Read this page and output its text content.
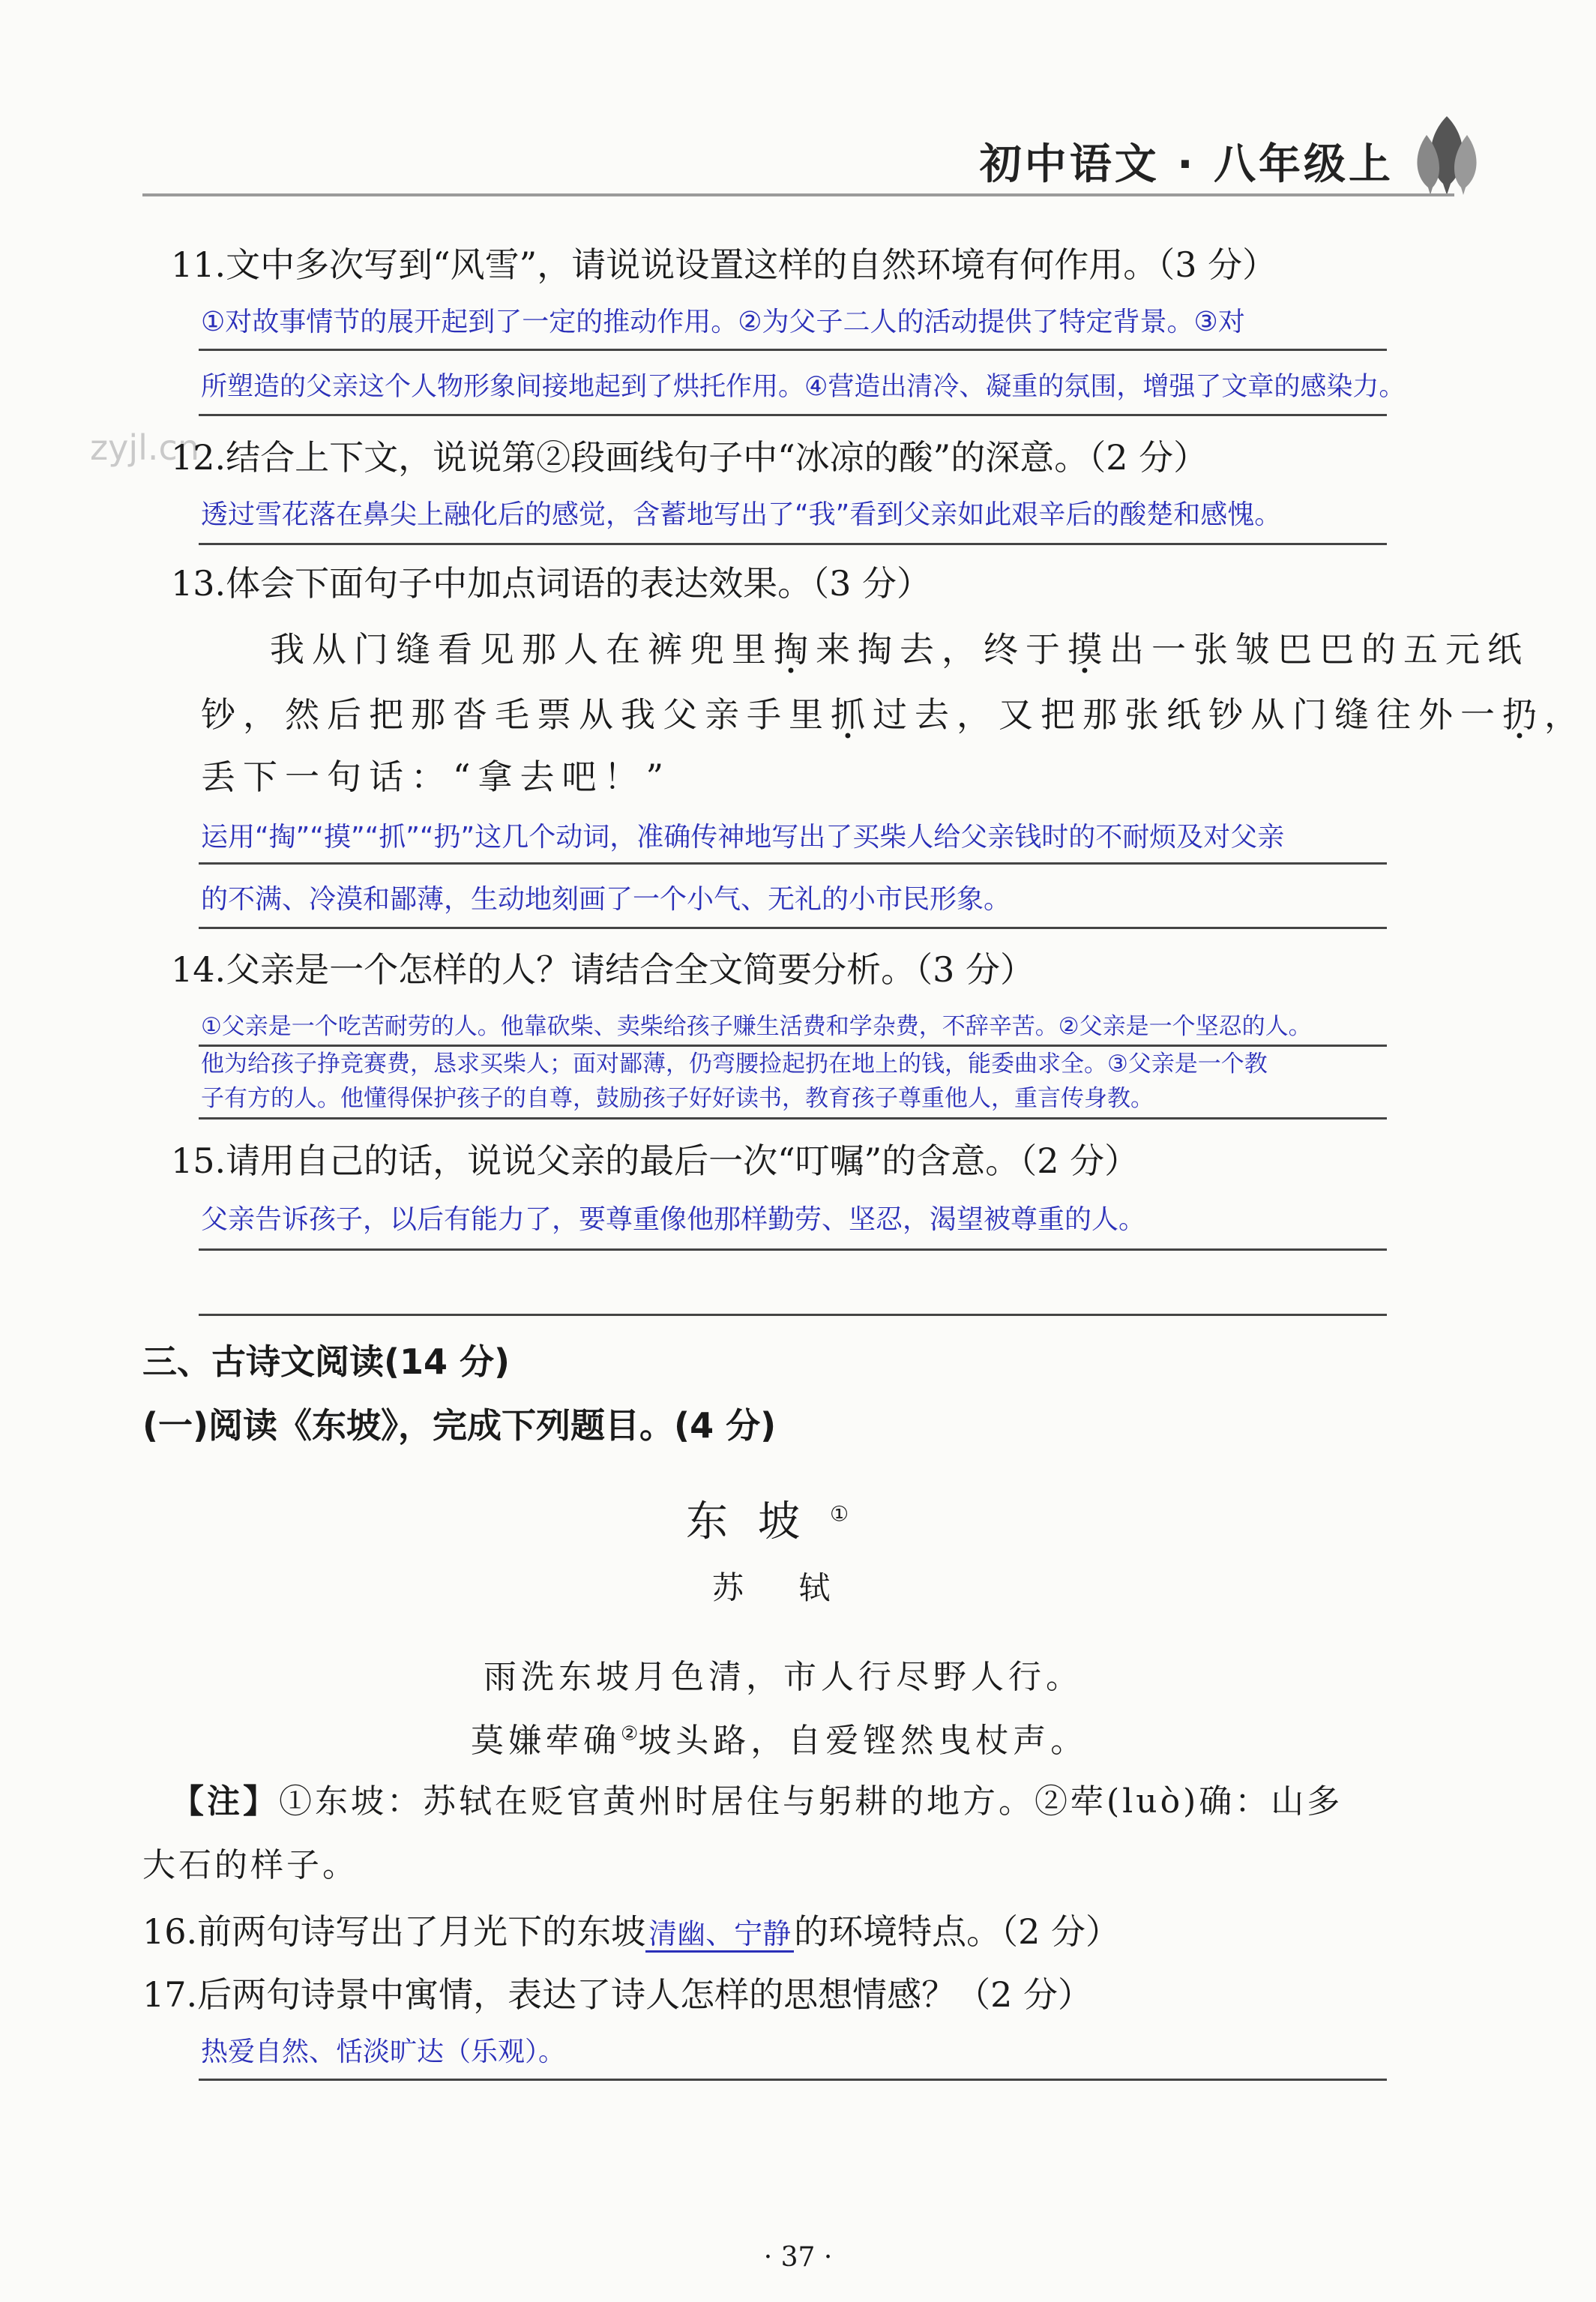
初中语文 · 八年级上
zyjl.cn
11.文中多次写到“风雪”，请说说设置这样的自然环境有何作用。（3 分）
①对故事情节的展开起到了一定的推动作用。②为父子二人的活动提供了特定背景。③对
所塑造的父亲这个人物形象间接地起到了烘托作用。④营造出清冷、凝重的氛围，增强了文章的感染力。
12.结合上下文，说说第②段画线句子中“冰凉的酸”的深意。（2 分）
透过雪花落在鼻尖上融化后的感觉，含蓄地写出了“我”看到父亲如此艰辛后的酸楚和感愧。
13.体会下面句子中加点词语的表达效果。（3 分）
我从门缝看见那人在裤兜里掏来掏去，终于摸出一张皱巴巴的五元纸
钞，然后把那沓毛票从我父亲手里抓过去，又把那张纸钞从门缝往外一扔，
丢下一句话：“拿去吧！”
运用“掏”“摸”“抓”“扔”这几个动词，准确传神地写出了买柴人给父亲钱时的不耐烦及对父亲
的不满、冷漠和鄙薄，生动地刻画了一个小气、无礼的小市民形象。
14.父亲是一个怎样的人？请结合全文简要分析。（3 分）
①父亲是一个吃苦耐劳的人。他靠砍柴、卖柴给孩子赚生活费和学杂费，不辞辛苦。②父亲是一个坚忍的人。
他为给孩子挣竞赛费，恳求买柴人；面对鄙薄，仍弯腰捡起扔在地上的钱，能委曲求全。③父亲是一个教
子有方的人。他懂得保护孩子的自尊，鼓励孩子好好读书，教育孩子尊重他人，重言传身教。
15.请用自己的话，说说父亲的最后一次“叮嘱”的含意。（2 分）
父亲告诉孩子，以后有能力了，要尊重像他那样勤劳、坚忍，渴望被尊重的人。
三、古诗文阅读(14 分)
(一)阅读《东坡》，完成下列题目。(4 分)
东坡①
苏 轼
雨洗东坡月色清，市人行尽野人行。
莫嫌荦确②坡头路，自爱铿然曳杖声。
【注】①东坡：苏轼在贬官黄州时居住与躬耕的地方。②荦(luò)确：山多
大石的样子。
16.前两句诗写出了月光下的东坡 清幽、宁静的环境特点。（2 分）
17.后两句诗景中寓情，表达了诗人怎样的思想情感？（2 分）
热爱自然、恬淡旷达（乐观）。
· 37 ·
